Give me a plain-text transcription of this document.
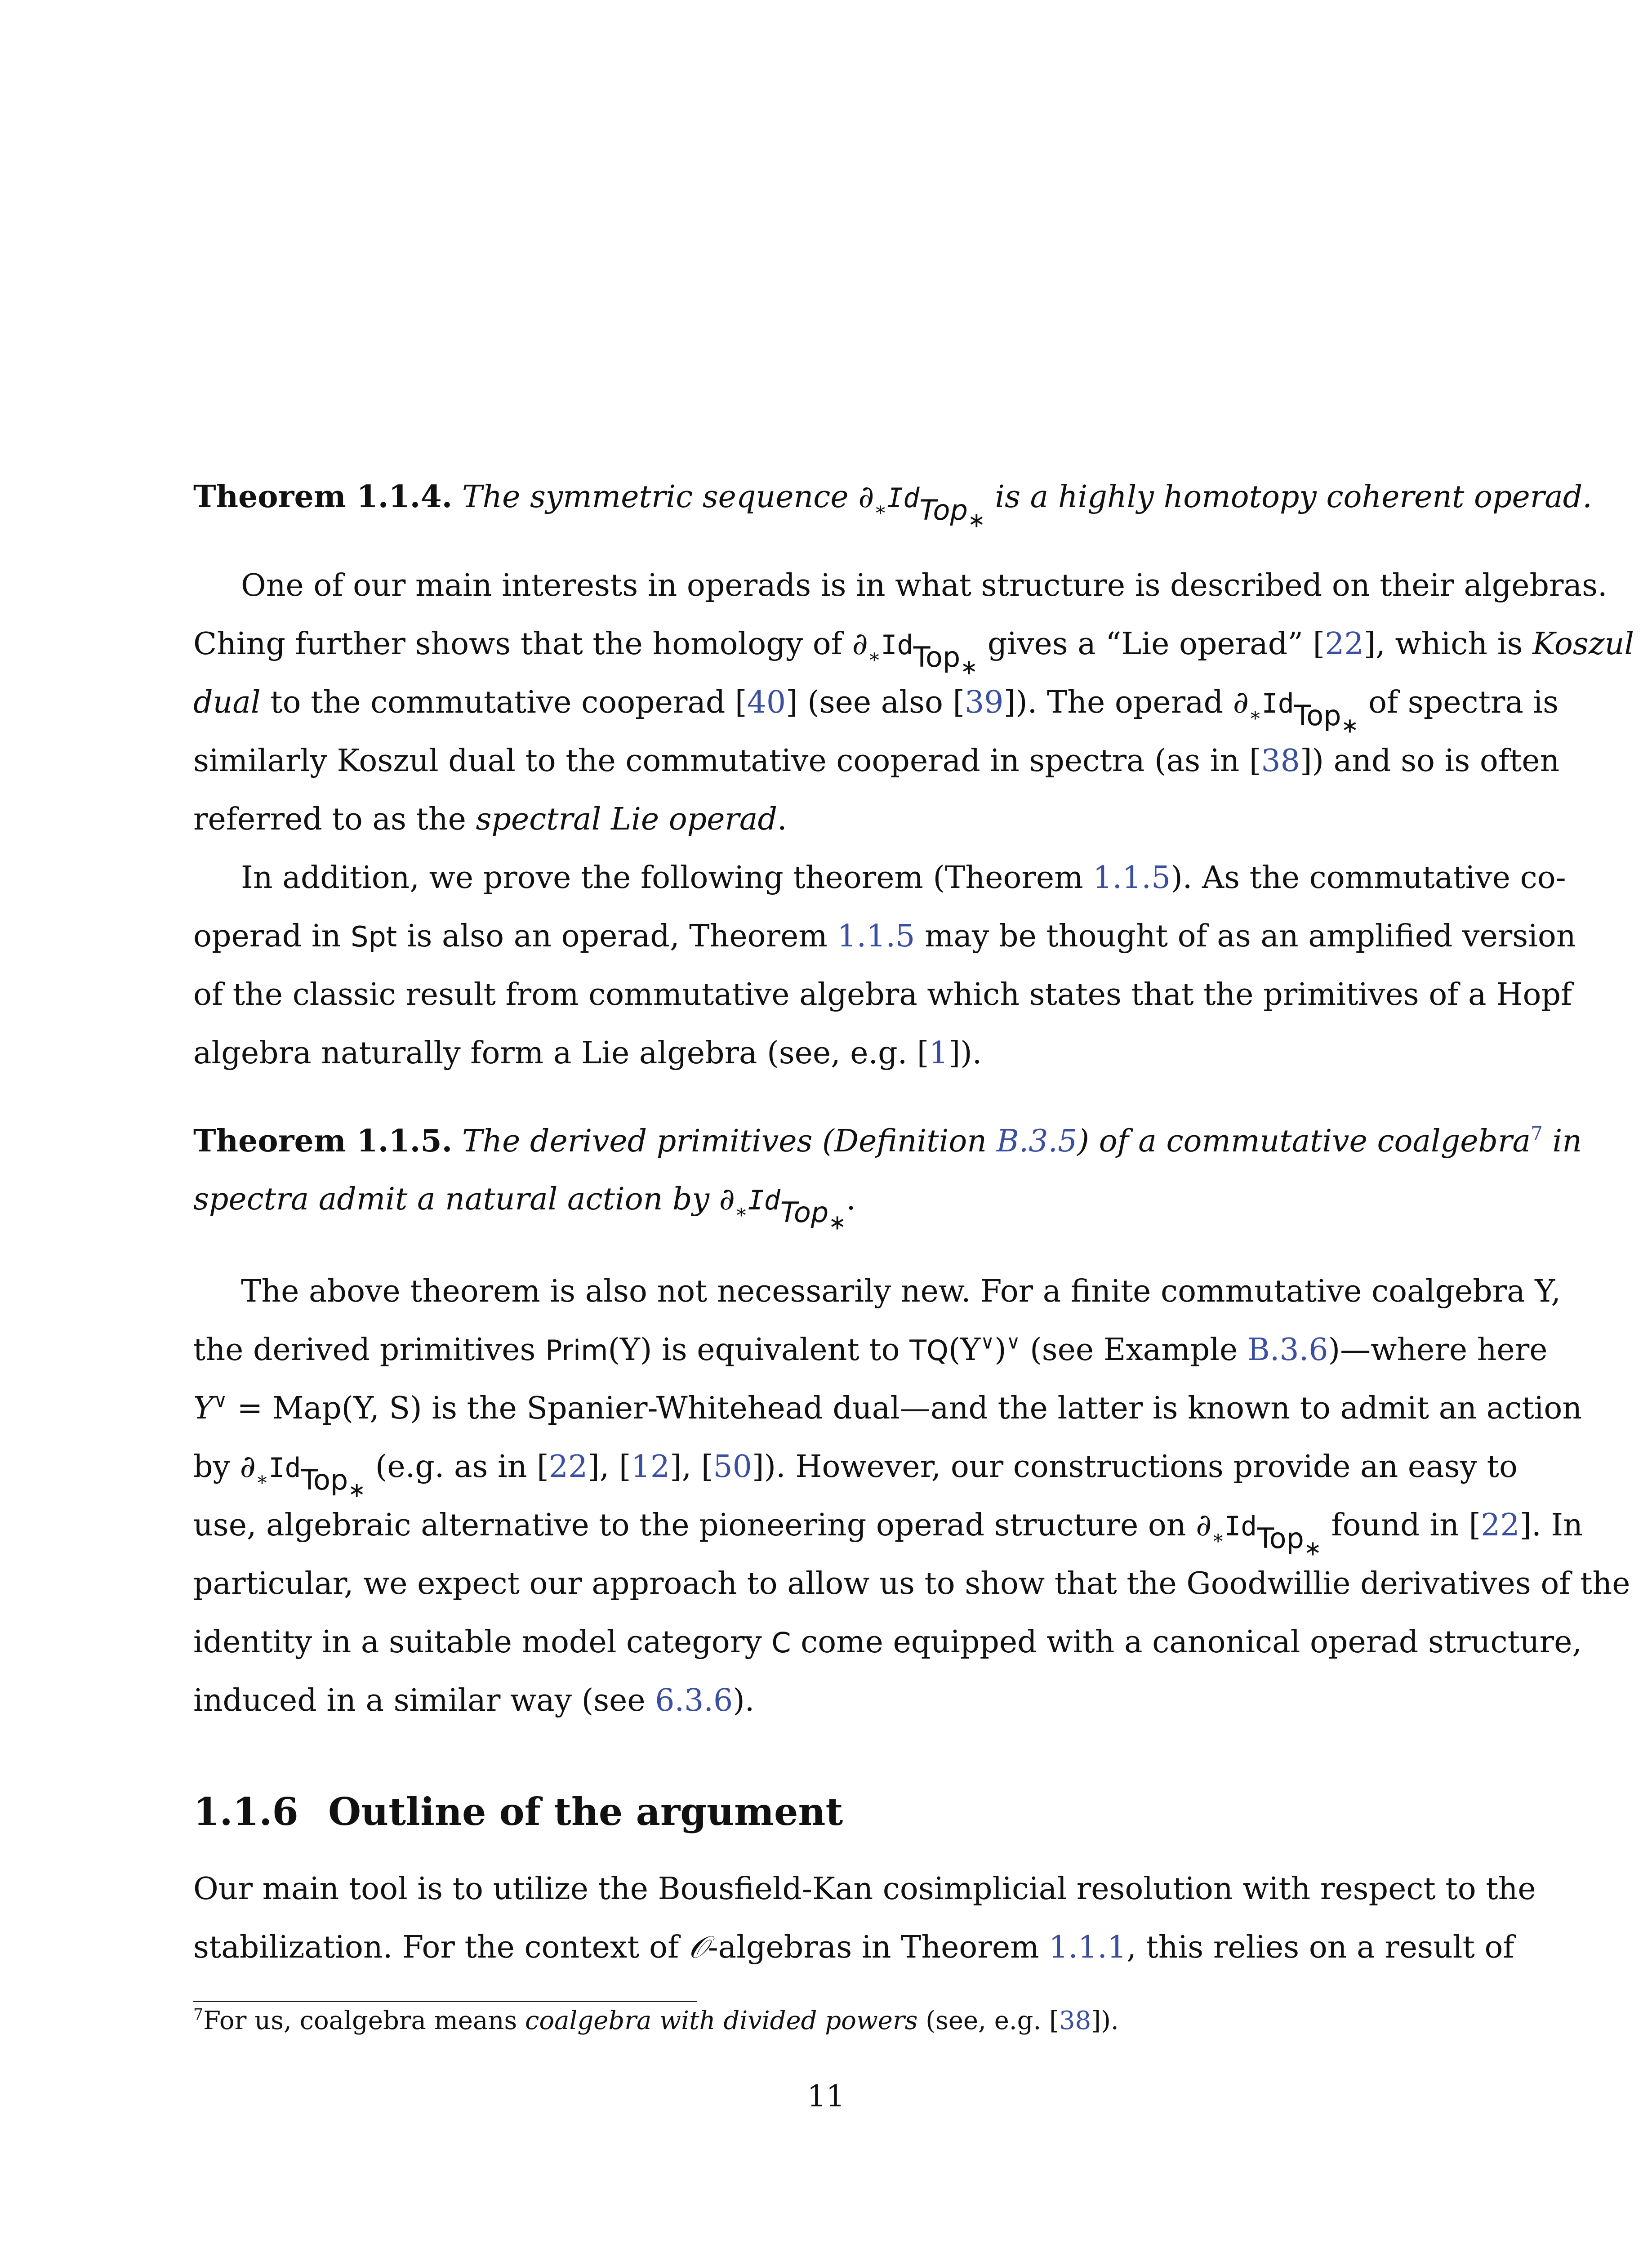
Theorem 1.1.4. The symmetric sequence $\partial_∗Id_{Top_∗}$ is a highly homotopy coherent operad.
One of our main interests in operads is in what structure is described on their algebras.
Ching further shows that the homology of $\partial_∗Id_{Top_∗}$ gives a “Lie operad” [22], which is Koszul
dual to the commutative cooperad [40] (see also [39]). The operad $\partial_∗Id_{Top_∗}$ of spectra is
similarly Koszul dual to the commutative cooperad in spectra (as in [38]) and so is often
referred to as the spectral Lie operad.
In addition, we prove the following theorem (Theorem 1.1.5). As the commutative co-
operad in Spt is also an operad, Theorem 1.1.5 may be thought of as an amplified version
of the classic result from commutative algebra which states that the primitives of a Hopf
algebra naturally form a Lie algebra (see, e.g. [1]).
Theorem 1.1.5. The derived primitives (Definition B.3.5) of a commutative coalgebra$^7$ in
spectra admit a natural action by $\partial_∗Id_{Top_∗}$.
The above theorem is also not necessarily new. For a finite commutative coalgebra Y,
the derived primitives Prim(Y) is equivalent to TQ(Y∨)∨ (see Example B.3.6)—where here
Y∨ = Map(Y, S) is the Spanier-Whitehead dual—and the latter is known to admit an action
by $\partial_∗Id_{Top_∗}$ (e.g. as in [22], [12], [50]). However, our constructions provide an easy to
use, algebraic alternative to the pioneering operad structure on $\partial_∗Id_{Top_∗}$ found in [22]. In
particular, we expect our approach to allow us to show that the Goodwillie derivatives of the
identity in a suitable model category C come equipped with a canonical operad structure,
induced in a similar way (see 6.3.6).
1.1.6 Outline of the argument
Our main tool is to utilize the Bousfield-Kan cosimplicial resolution with respect to the
stabilization. For the context of 𝒪-algebras in Theorem 1.1.1, this relies on a result of
$^7$For us, coalgebra means coalgebra with divided powers (see, e.g. [38]).
11
